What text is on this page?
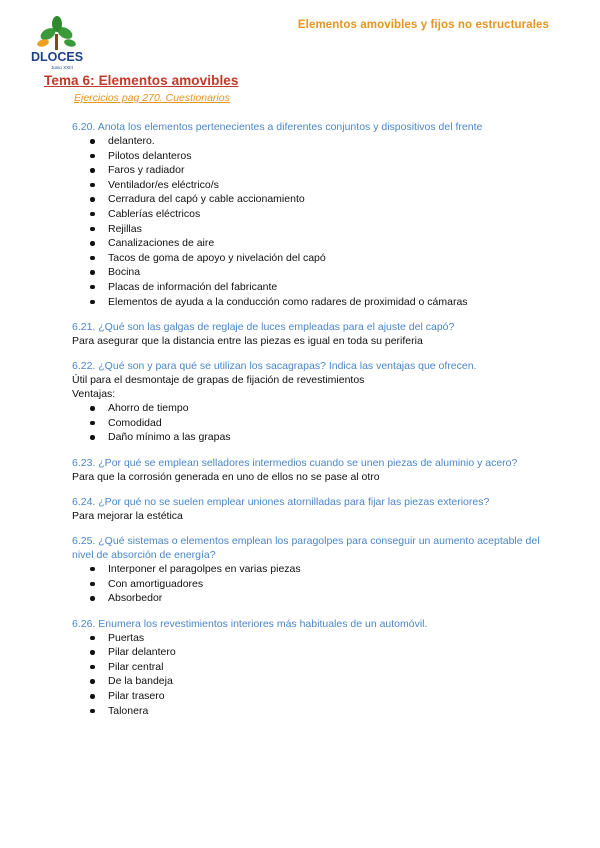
DLOCES
Junio XXIII
Elementos amovibles y fijos no estructurales
Tema 6: Elementos amovibles
Ejercicios pag 270. Cuestionarios

6.20. Anota los elementos pertenecientes a diferentes conjuntos y dispositivos del frente

delantero.
Pilotos delanteros
Faros y radiador
Ventilador/es eléctrico/s
Cerradura del capó y cable accionamiento
Cablerías eléctricos
Rejillas
Canalizaciones de aire
Tacos de goma de apoyo y nivelación del capó
Bocina
Placas de información del fabricante
Elementos de ayuda a la conducción como radares de proximidad o cámaras

6.21. ¿Qué son las galgas de reglaje de luces empleadas para el ajuste del capó?

Para asegurar que la distancia entre las piezas es igual en toda su periferia

6.22. ¿Qué son y para qué se utilizan los sacagrapas? Indica las ventajas que ofrecen.

Útil para el desmontaje de grapas de fijación de revestimientos

Ventajas:

Ahorro de tiempo
Comodidad
Daño mínimo a las grapas

6.23. ¿Por qué se emplean selladores intermedios cuando se unen piezas de aluminio y acero?

Para que la corrosión generada en uno de ellos no se pase al otro

6.24. ¿Por qué no se suelen emplear uniones atornilladas para fijar las piezas exteriores?

Para mejorar la estética

6.25. ¿Qué sistemas o elementos emplean los paragolpes para conseguir un aumento aceptable del nivel de absorción de energía?

Interponer el paragolpes en varias piezas
Con amortiguadores
Absorbedor

6.26. Enumera los revestimientos interiores más habituales de un automóvil.

Puertas
Pilar delantero
Pilar central
De la bandeja
Pilar trasero
Talonera
